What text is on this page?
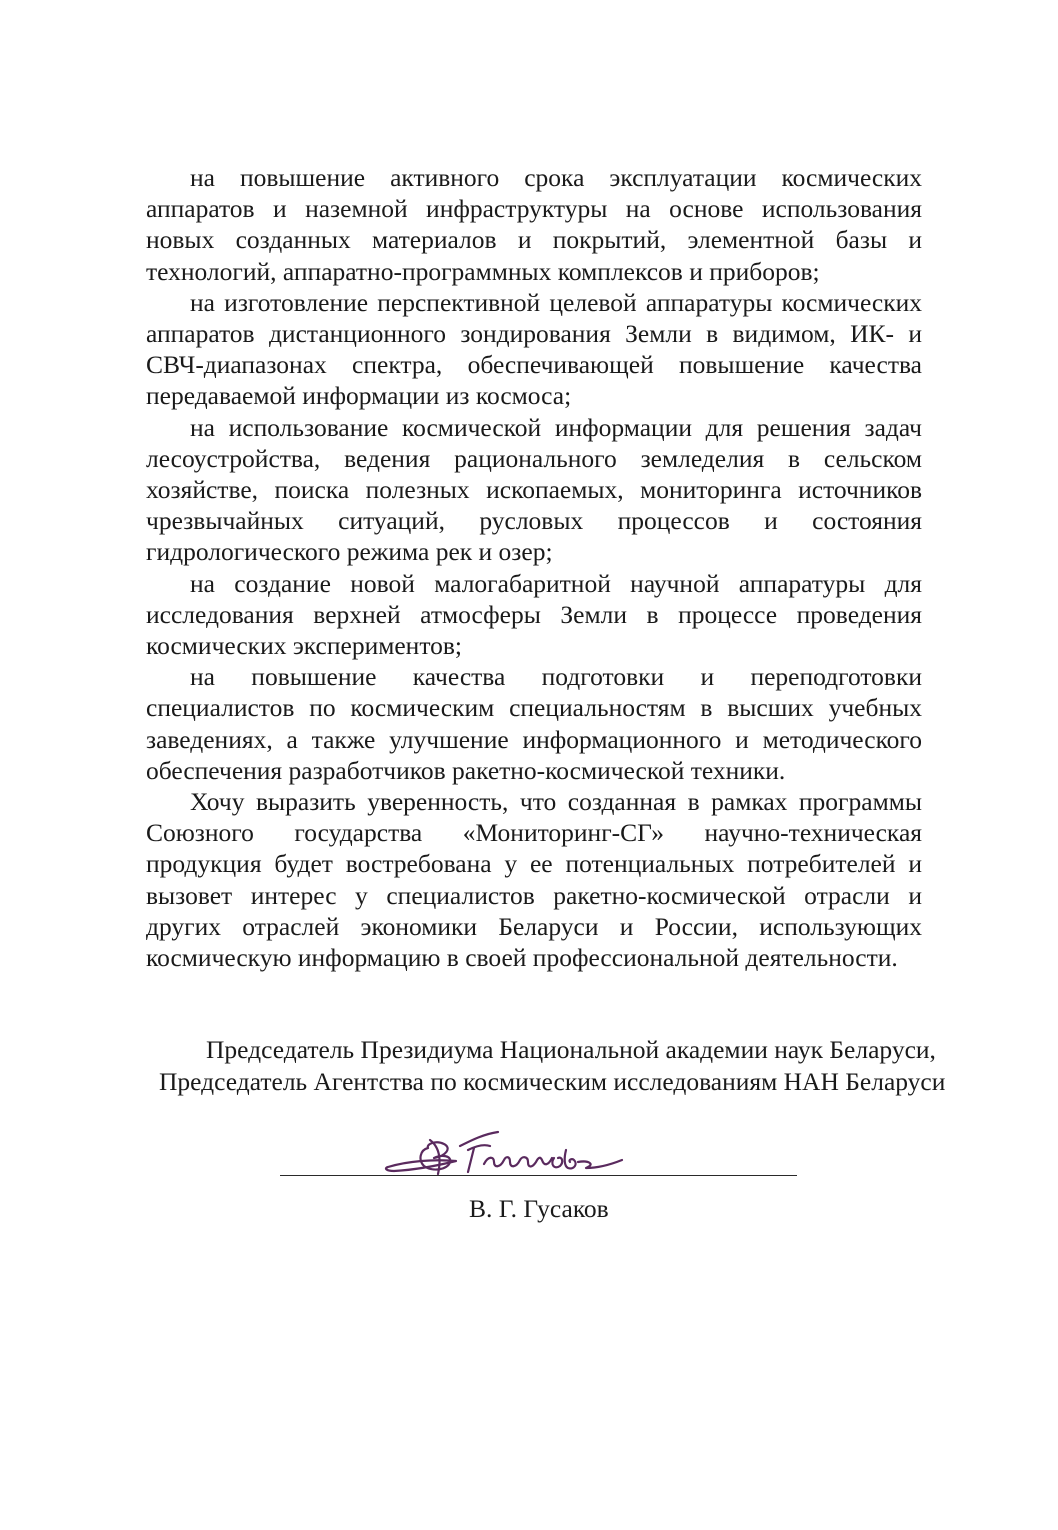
на повышение активного срока эксплуатации космических аппаратов и наземной инфраструктуры на основе использования новых созданных материалов и покрытий, элементной базы и технологий, аппаратно-программных комплексов и приборов;

на изготовление перспективной целевой аппаратуры космических аппаратов дистанционного зондирования Земли в видимом, ИК- и СВЧ-диапазонах спектра, обеспечивающей повышение качества передаваемой информации из космоса;

на использование космической информации для решения задач лесоустройства, ведения рационального земледелия в сельском хозяйстве, поиска полезных ископаемых, мониторинга источников чрезвычайных ситуаций, русловых процессов и состояния гидрологического режима рек и озер;

на создание новой малогабаритной научной аппаратуры для исследования верхней атмосферы Земли в процессе проведения космических экспериментов;

на повышение качества подготовки и переподготовки специалистов по космическим специальностям в высших учебных заведениях, а также улучшение информационного и методического обеспечения разработчиков ракетно-космической техники.

Хочу выразить уверенность, что созданная в рамках программы Союзного государства «Мониторинг-СГ» научно-техническая продукция будет востребована у ее потенциальных потребителей и вызовет интерес у специалистов ракетно-космической отрасли и других отраслей экономики Беларуси и России, использующих космическую информацию в своей профессиональной деятельности.

Председатель Президиума Национальной академии наук Беларуси,
Председатель Агентства по космическим исследованиям НАН Беларуси
В. Г. Гусаков
